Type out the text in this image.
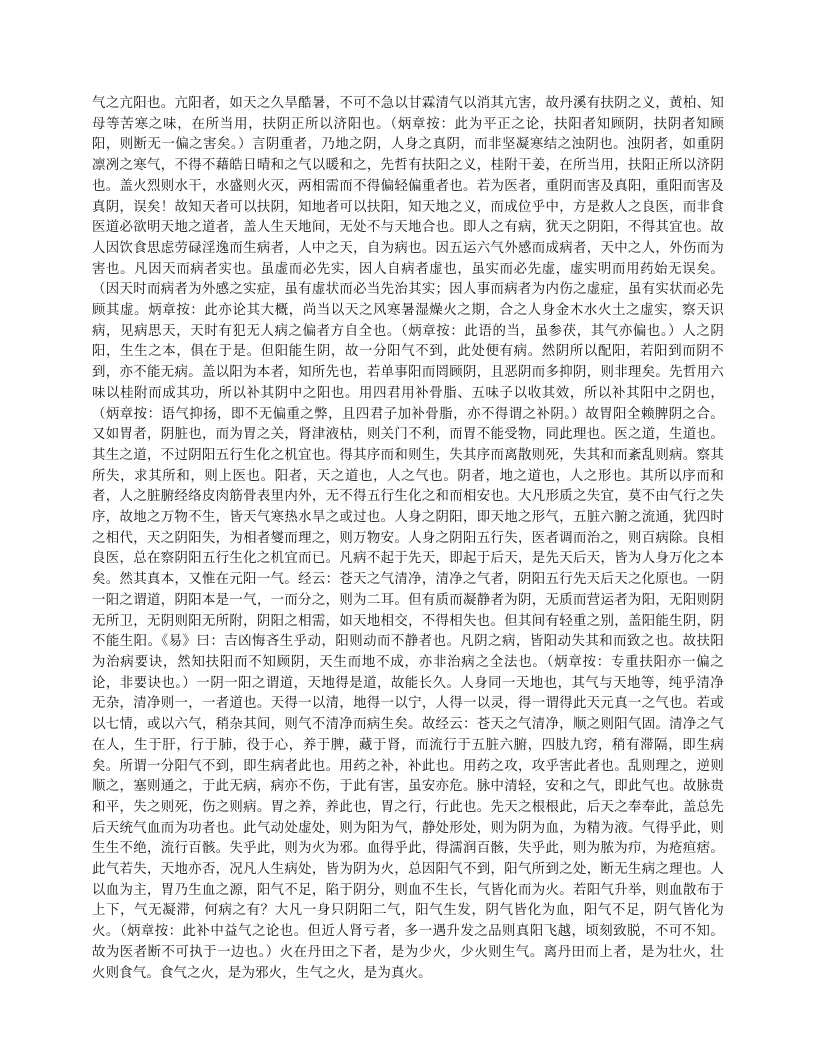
气之亢阳也。亢阳者，如天之久旱酷暑，不可不急以甘霖清气以消其亢害，故丹溪有扶阴之义，黄柏、知母等苦寒之味，在所当用，扶阴正所以济阳也。（炳章按：此为平正之论，扶阳者知顾阴，扶阴者知顾阳，则断无一偏之害矣。）言阴重者，乃地之阴，人身之真阴，而非坚凝寒结之浊阴也。浊阴者，如重阴凛冽之寒气，不得不藉皓日晴和之气以暖和之，先哲有扶阳之义，桂附干姜，在所当用，扶阳正所以济阴也。盖火烈则水干，水盛则火灭，两相需而不得偏轻偏重者也。若为医者，重阴而害及真阳，重阳而害及真阴，误矣！故知天者可以扶阴，知地者可以扶阳，知天地之义，而成位乎中，方是救人之良医，而非食医道必欲明天地之道者，盖人生天地间，无处不与天地合也。即人之有病，犹天之阴阳，不得其宜也。故人因饮食思虑劳碌淫逸而生病者，人中之天，自为病也。因五运六气外感而成病者，天中之人，外伤而为害也。凡因天而病者实也。虽虚而必先实，因人自病者虚也，虽实而必先虚，虚实明而用药始无误矣。（因天时而病者为外感之实症，虽有虚状而必当先治其实；因人事而病者为内伤之虚症，虽有实状而必先顾其虚。炳章按：此亦论其大概，尚当以天之风寒暑湿燥火之期，合之人身金木水火土之虚实，察天识病，见病思天，天时有犯无人病之偏者方自全也。（炳章按：此语的当，虽参茯，其气亦偏也。）人之阴阳，生生之本，俱在于是。但阳能生阴，故一分阳气不到，此处便有病。然阴所以配阳，若阳到而阴不到，亦不能无病。盖以阳为本者，知所先也，若单事阳而罔顾阴，且恶阴而多抑阴，则非理矣。先哲用六味以桂附而成其功，所以补其阴中之阳也。用四君用补骨脂、五味子以收其效，所以补其阳中之阴也，（炳章按：语气抑扬，即不无偏重之弊，且四君子加补骨脂，亦不得谓之补阴。）故胃阳全赖脾阴之合。又如胃者，阴脏也，而为胃之关，肾津液枯，则关门不利，而胃不能受物，同此理也。医之道，生道也。其生之道，不过阴阳五行生化之机宜也。得其序而和则生，失其序而离散则死，失其和而紊乱则病。察其所失，求其所和，则上医也。阳者，天之道也，人之气也。阴者，地之道也，人之形也。其所以序而和者，人之脏腑经络皮肉筋骨表里内外，无不得五行生化之和而相安也。大凡形质之失宜，莫不由气行之失序，故地之万物不生，皆天气寒热水旱之或过也。人身之阴阳，即天地之形气，五脏六腑之流通，犹四时之相代，天之阴阳失，为相者燮而理之，则万物安。人身之阴阳五行失，医者调而治之，则百病除。良相良医，总在察阴阳五行生化之机宜而已。凡病不起于先天，即起于后天，是先天后天，皆为人身万化之本矣。然其真本，又惟在元阳一气。经云：苍天之气清净，清净之气者，阴阳五行先天后天之化原也。一阴一阳之谓道，阴阳本是一气，一而分之，则为二耳。但有质而凝静者为阴，无质而营运者为阳，无阳则阴无所卫，无阴则阳无所附，阴阳之相需，如天地相交，不得相失也。但其间有轻重之别，盖阳能生阴，阴不能生阳。《易》曰：吉凶悔吝生乎动，阳则动而不静者也。凡阴之病，皆阳动失其和而致之也。故扶阳为治病要诀，然知扶阳而不知顾阴，天生而地不成，亦非治病之全法也。（炳章按：专重扶阳亦一偏之论，非要诀也。）一阴一阳之谓道，天地得是道，故能长久。人身同一天地也，其气与天地等，纯乎清净无杂，清净则一，一者道也。天得一以清，地得一以宁，人得一以灵，得一谓得此天元真一之气也。若或以七情，或以六气，稍杂其间，则气不清净而病生矣。故经云：苍天之气清净，顺之则阳气固。清净之气在人，生于肝，行于肺，役于心，养于脾，藏于肾，而流行于五脏六腑，四肢九窍，稍有滞隔，即生病矣。所谓一分阳气不到，即生病者此也。用药之补，补此也。用药之攻，攻乎害此者也。乱则理之，逆则顺之，塞则通之，于此无病，病亦不伤，于此有害，虽安亦危。脉中清轻，安和之气，即此气也。故脉贵和平，失之则死，伤之则病。胃之养，养此也，胃之行，行此也。先天之根根此，后天之奉奉此，盖总先后天统气血而为功者也。此气动处虚处，则为阳为气，静处形处，则为阴为血，为精为液。气得乎此，则生生不绝，流行百骸。失乎此，则为火为邪。血得乎此，得濡润百骸，失乎此，则为脓为疖，为疮疸痞。此气若失，天地亦否，况凡人生病处，皆为阴为火，总因阳气不到，阳气所到之处，断无生病之理也。人以血为主，胃乃生血之源，阳气不足，陷于阴分，则血不生长，气皆化而为火。若阳气升举，则血散布于上下，气无凝滞，何病之有？大凡一身只阴阳二气，阳气生发，阴气皆化为血，阳气不足，阴气皆化为火。（炳章按：此补中益气之论也。但近人肾亏者，多一遇升发之品则真阳飞越，顷刻致脱，不可不知。故为医者断不可执于一边也。）火在丹田之下者，是为少火，少火则生气。离丹田而上者，是为壮火，壮火则食气。食气之火，是为邪火，生气之火，是为真火。
